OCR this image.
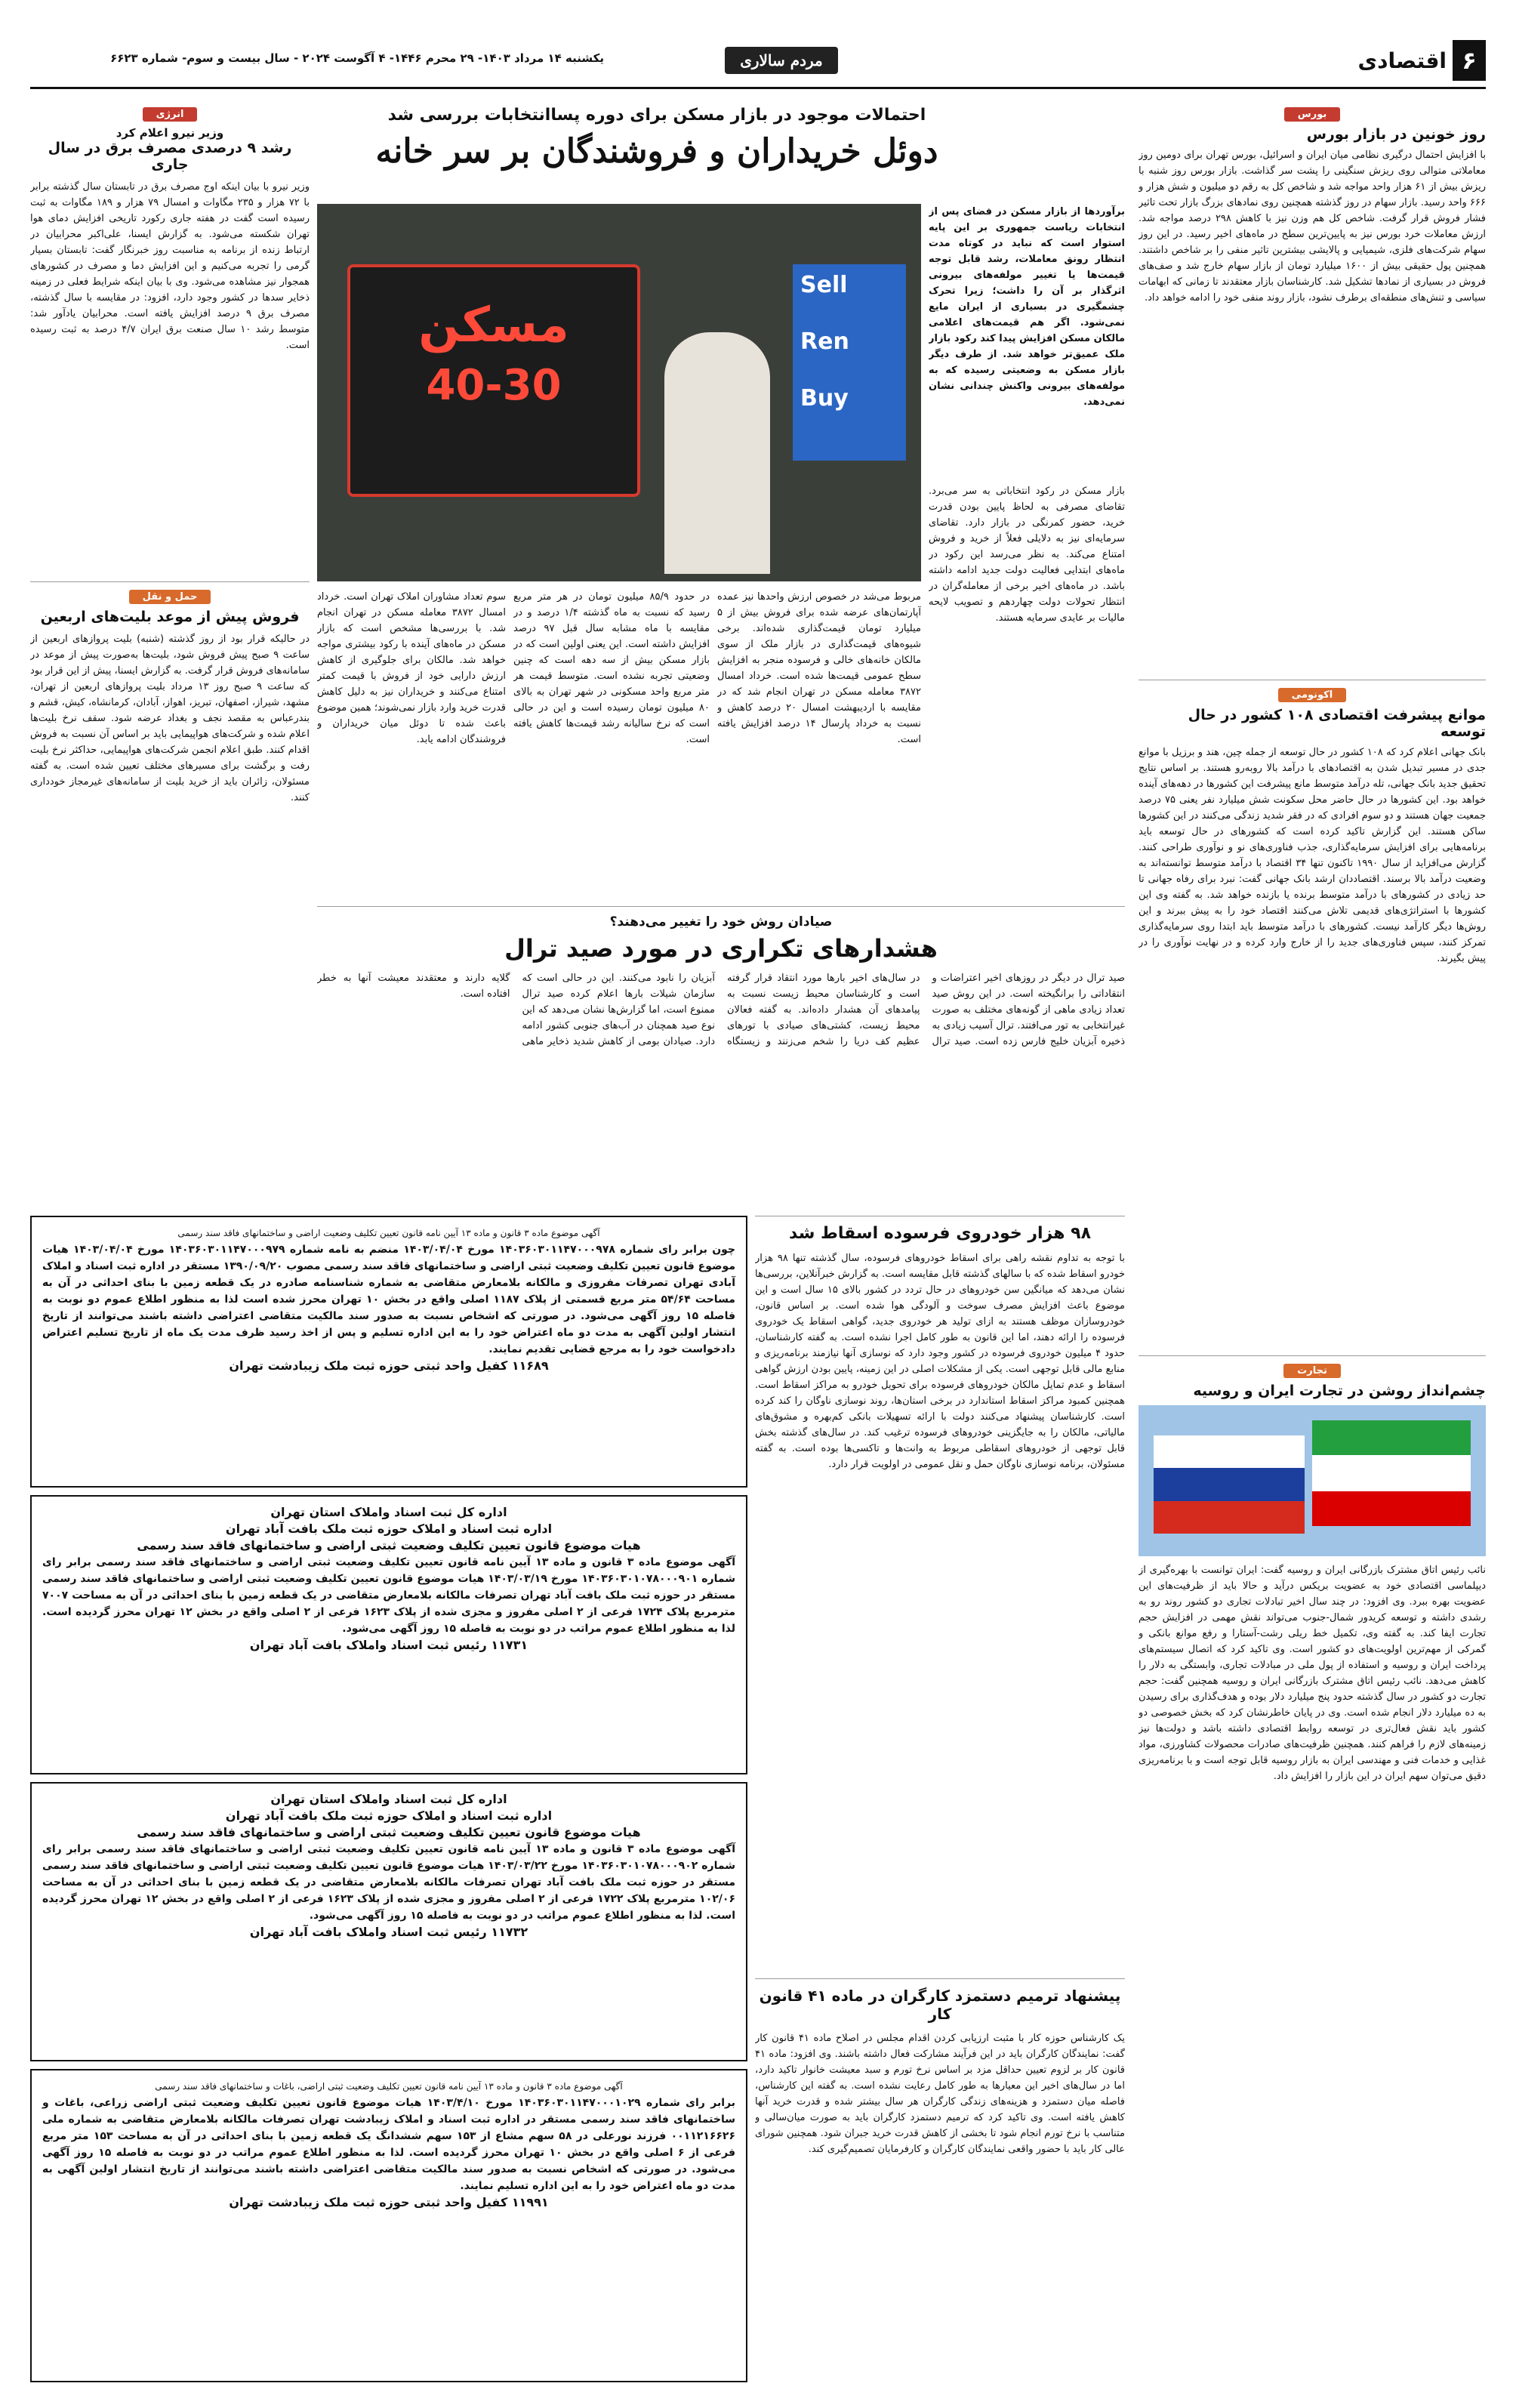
یکشنبه ۱۴ مرداد ۱۴۰۳- ۲۹ محرم ۱۴۴۶- ۴ آگوست ۲۰۲۴ - سال بیست و سوم- شماره ۶۶۲۳	مردم سالاری	۶
اقتصادی
بورس
روز خونین در بازار بورس
با افزایش احتمال درگیری نظامی میان ایران و اسرائیل، بورس تهران برای دومین روز معاملاتی متوالی روی ریزش سنگینی را پشت سر گذاشت. بازار بورس روز شنبه با ریزش بیش از ۶۱ هزار واحد مواجه شد و شاخص کل به رقم دو میلیون و شش هزار و ۶۶۶ واحد رسید. بازار سهام در روز گذشته همچنین روی نمادهای بزرگ بازار تحت تاثیر فشار فروش قرار گرفت. شاخص کل هم وزن نیز با کاهش ۲۹۸ درصد مواجه شد. ارزش معاملات خرد بورس نیز به پایین‌ترین سطح در ماه‌های اخیر رسید. در این روز سهام شرکت‌های فلزی، شیمیایی و پالایشی بیشترین تاثیر منفی را بر شاخص داشتند. همچنین پول حقیقی بیش از ۱۶۰۰ میلیارد تومان از بازار سهام خارج شد و صف‌های فروش در بسیاری از نمادها تشکیل شد. کارشناسان بازار معتقدند تا زمانی که ابهامات سیاسی و تنش‌های منطقه‌ای برطرف نشود، بازار روند منفی خود را ادامه خواهد داد.
اکونومی
موانع پیشرفت اقتصادی ۱۰۸ کشور در حال توسعه
بانک جهانی اعلام کرد که ۱۰۸ کشور در حال توسعه از جمله چین، هند و برزیل با موانع جدی در مسیر تبدیل شدن به اقتصادهای با درآمد بالا روبه‌رو هستند. بر اساس نتایج تحقیق جدید بانک جهانی، تله درآمد متوسط مانع پیشرفت این کشورها در دهه‌های آینده خواهد بود. این کشورها در حال حاضر محل سکونت شش میلیارد نفر یعنی ۷۵ درصد جمعیت جهان هستند و دو سوم افرادی که در فقر شدید زندگی می‌کنند در این کشورها ساکن هستند. این گزارش تاکید کرده است که کشورهای در حال توسعه باید برنامه‌هایی برای افزایش سرمایه‌گذاری، جذب فناوری‌های نو و نوآوری طراحی کنند. گزارش می‌افزاید از سال ۱۹۹۰ تاکنون تنها ۳۴ اقتصاد با درآمد متوسط توانسته‌اند به وضعیت درآمد بالا برسند. اقتصاددان ارشد بانک جهانی گفت: نبرد برای رفاه جهانی تا حد زیادی در کشورهای با درآمد متوسط برنده یا بازنده خواهد شد. به گفته وی این کشورها با استراتژی‌های قدیمی تلاش می‌کنند اقتصاد خود را به پیش ببرند و این روش‌ها دیگر کارآمد نیست. کشورهای با درآمد متوسط باید ابتدا روی سرمایه‌گذاری تمرکز کنند، سپس فناوری‌های جدید را از خارج وارد کرده و در نهایت نوآوری را در پیش بگیرند.
تجارت
چشم‌انداز روشن در تجارت ایران و روسیه
نائب رئیس اتاق مشترک بازرگانی ایران و روسیه گفت: ایران توانست با بهره‌گیری از دیپلماسی اقتصادی خود به عضویت بریکس درآید و حالا باید از ظرفیت‌های این عضویت بهره ببرد. وی افزود: در چند سال اخیر تبادلات تجاری دو کشور روند رو به رشدی داشته و توسعه کریدور شمال-جنوب می‌تواند نقش مهمی در افزایش حجم تجارت ایفا کند. به گفته وی، تکمیل خط ریلی رشت-آستارا و رفع موانع بانکی و گمرکی از مهم‌ترین اولویت‌های دو کشور است. وی تاکید کرد که اتصال سیستم‌های پرداخت ایران و روسیه و استفاده از پول ملی در مبادلات تجاری، وابستگی به دلار را کاهش می‌دهد. نائب رئیس اتاق مشترک بازرگانی ایران و روسیه همچنین گفت: حجم تجارت دو کشور در سال گذشته حدود پنج میلیارد دلار بوده و هدف‌گذاری برای رسیدن به ده میلیارد دلار انجام شده است. وی در پایان خاطرنشان کرد که بخش خصوصی دو کشور باید نقش فعال‌تری در توسعه روابط اقتصادی داشته باشد و دولت‌ها نیز زمینه‌های لازم را فراهم کنند. همچنین ظرفیت‌های صادرات محصولات کشاورزی، مواد غذایی و خدمات فنی و مهندسی ایران به بازار روسیه قابل توجه است و با برنامه‌ریزی دقیق می‌توان سهم ایران در این بازار را افزایش داد.
احتمالات موجود در بازار مسکن برای دوره پساانتخابات بررسی شد
دوئل خریداران و فروشندگان بر سر خانه
مسکن
40-30
Sell
Ren
Buy
برآوردها از بازار مسکن در فضای پس از انتخابات ریاست جمهوری بر این پایه استوار است که نباید در کوتاه مدت انتظار رونق معاملات، رشد قابل توجه قیمت‌ها یا تغییر مولفه‌های بیرونی اثرگذار بر آن را داشت؛ زیرا تحرک چشمگیری در بسیاری از ایران مایع نمی‌شود. اگر هم قیمت‌های اعلامی مالکان مسکن افزایش پیدا کند رکود بازار ملک عمیق‌تر خواهد شد. از طرف دیگر بازار مسکن به وضعیتی رسیده که به مولفه‌های بیرونی واکنش چندانی نشان نمی‌دهد.
بازار مسکن در رکود انتخاباتی به سر می‌برد. تقاضای مصرفی به لحاظ پایین بودن قدرت خرید، حضور کمرنگی در بازار دارد. تقاضای سرمایه‌ای نیز به دلایلی فعلاً از خرید و فروش امتناع می‌کند. به نظر می‌رسد این رکود در ماه‌های ابتدایی فعالیت دولت جدید ادامه داشته باشد. در ماه‌های اخیر برخی از معامله‌گران در انتظار تحولات دولت چهاردهم و تصویب لایحه مالیات بر عایدی سرمایه هستند.
مربوط می‌شد در خصوص ارزش واحدها نیز عمده آپارتمان‌های عرضه شده برای فروش بیش از ۵ میلیارد تومان قیمت‌گذاری شده‌اند. برخی شیوه‌های قیمت‌گذاری در بازار ملک از سوی مالکان خانه‌های خالی و فرسوده منجر به افزایش سطح عمومی قیمت‌ها شده است. خرداد امسال ۳۸۷۲ معامله مسکن در تهران انجام شد که در مقایسه با اردیبهشت امسال ۲۰ درصد کاهش و نسبت به خرداد پارسال ۱۴ درصد افزایش یافته است.
در حدود ۸۵/۹ میلیون تومان در هر متر مربع رسید که نسبت به ماه گذشته ۱/۴ درصد و در مقایسه با ماه مشابه سال قبل ۹۷ درصد افزایش داشته است. این یعنی اولین است که در بازار مسکن بیش از سه دهه است که چنین وضعیتی تجربه نشده است. متوسط قیمت هر متر مربع واحد مسکونی در شهر تهران به بالای ۸۰ میلیون تومان رسیده است و این در حالی است که نرخ سالیانه رشد قیمت‌ها کاهش یافته است.
سوم تعداد مشاوران املاک تهران است. خرداد امسال ۳۸۷۲ معامله مسکن در تهران انجام شد. با بررسی‌ها مشخص است که بازار مسکن در ماه‌های آینده با رکود بیشتری مواجه خواهد شد. مالکان برای جلوگیری از کاهش ارزش دارایی خود از فروش با قیمت کمتر امتناع می‌کنند و خریداران نیز به دلیل کاهش قدرت خرید وارد بازار نمی‌شوند؛ همین موضوع باعث شده تا دوئل میان خریداران و فروشندگان ادامه یابد.
انرژی
وزیر نیرو اعلام کرد
رشد ۹ درصدی مصرف برق در سال جاری
وزیر نیرو با بیان اینکه اوج مصرف برق در تابستان سال گذشته برابر با ۷۲ هزار و ۲۳۵ مگاوات و امسال ۷۹ هزار و ۱۸۹ مگاوات به ثبت رسیده است گفت در هفته جاری رکورد تاریخی افزایش دمای هوا تهران شکسته می‌شود. به گزارش ایسنا، علی‌اکبر محرابیان در ارتباط زنده از برنامه به مناسبت روز خبرنگار گفت: تابستان بسیار گرمی را تجربه می‌کنیم و این افزایش دما و مصرف در کشورهای همجوار نیز مشاهده می‌شود. وی با بیان اینکه شرایط فعلی در زمینه ذخایر سدها در کشور وجود دارد، افزود: در مقایسه با سال گذشته، مصرف برق ۹ درصد افزایش یافته است. محرابیان یادآور شد: متوسط رشد ۱۰ سال صنعت برق ایران ۴/۷ درصد به ثبت رسیده است.
حمل و نقل
فروش پیش از موعد بلیت‌های اربعین
در حالیکه قرار بود از روز گذشته (شنبه) بلیت پروازهای اربعین از ساعت ۹ صبح پیش فروش شود، بلیت‌ها به‌صورت پیش از موعد در سامانه‌های فروش قرار گرفت. به گزارش ایسنا، پیش از این قرار بود که ساعت ۹ صبح روز ۱۳ مرداد بلیت پروازهای اربعین از تهران، مشهد، شیراز، اصفهان، تبریز، اهواز، آبادان، کرمانشاه، کیش، قشم و بندرعباس به مقصد نجف و بغداد عرضه شود. سقف نرخ بلیت‌ها اعلام شده و شرکت‌های هواپیمایی باید بر اساس آن نسبت به فروش اقدام کنند. طبق اعلام انجمن شرکت‌های هواپیمایی، حداکثر نرخ بلیت رفت و برگشت برای مسیرهای مختلف تعیین شده است. به گفته مسئولان، زائران باید از خرید بلیت از سامانه‌های غیرمجاز خودداری کنند.
صیادان روش خود را تغییر می‌دهند؟
هشدارهای تکراری در مورد صید ترال
صید ترال در دیگر در روزهای اخیر اعتراضات و انتقاداتی را برانگیخته است. در این روش صید تعداد زیادی ماهی از گونه‌های مختلف به صورت غیرانتخابی به تور می‌افتند. ترال آسیب زیادی به ذخیره آبزیان خلیج فارس زده است. صید ترال در سال‌های اخیر بارها مورد انتقاد قرار گرفته است و کارشناسان محیط زیست نسبت به پیامدهای آن هشدار داده‌اند. به گفته فعالان محیط زیست، کشتی‌های صیادی با تورهای عظیم کف دریا را شخم می‌زنند و زیستگاه آبزیان را نابود می‌کنند. این در حالی است که سازمان شیلات بارها اعلام کرده صید ترال ممنوع است، اما گزارش‌ها نشان می‌دهد که این نوع صید همچنان در آب‌های جنوبی کشور ادامه دارد. صیادان بومی از کاهش شدید ذخایر ماهی گلایه دارند و معتقدند معیشت آنها به خطر افتاده است.
۹۸ هزار خودروی فرسوده اسقاط شد
با توجه به تداوم نقشه راهی برای اسقاط خودروهای فرسوده، سال گذشته تنها ۹۸ هزار خودرو اسقاط شده که با سالهای گذشته قابل مقایسه است. به گزارش خبرآنلاین، بررسی‌ها نشان می‌دهد که میانگین سن خودروهای در حال تردد در کشور بالای ۱۵ سال است و این موضوع باعث افزایش مصرف سوخت و آلودگی هوا شده است. بر اساس قانون، خودروسازان موظف هستند به ازای تولید هر خودروی جدید، گواهی اسقاط یک خودروی فرسوده را ارائه دهند، اما این قانون به طور کامل اجرا نشده است. به گفته کارشناسان، حدود ۴ میلیون خودروی فرسوده در کشور وجود دارد که نوسازی آنها نیازمند برنامه‌ریزی و منابع مالی قابل توجهی است. یکی از مشکلات اصلی در این زمینه، پایین بودن ارزش گواهی اسقاط و عدم تمایل مالکان خودروهای فرسوده برای تحویل خودرو به مراکز اسقاط است. همچنین کمبود مراکز اسقاط استاندارد در برخی استان‌ها، روند نوسازی ناوگان را کند کرده است. کارشناسان پیشنهاد می‌کنند دولت با ارائه تسهیلات بانکی کم‌بهره و مشوق‌های مالیاتی، مالکان را به جایگزینی خودروهای فرسوده ترغیب کند. در سال‌های گذشته بخش قابل توجهی از خودروهای اسقاطی مربوط به وانت‌ها و تاکسی‌ها بوده است. به گفته مسئولان، برنامه نوسازی ناوگان حمل و نقل عمومی در اولویت قرار دارد.
پیشنهاد ترمیم دستمزد کارگران در ماده ۴۱ قانون کار
یک کارشناس حوزه کار با مثبت ارزیابی کردن اقدام مجلس در اصلاح ماده ۴۱ قانون کار گفت: نمایندگان کارگران باید در این فرآیند مشارکت فعال داشته باشند. وی افزود: ماده ۴۱ قانون کار بر لزوم تعیین حداقل مزد بر اساس نرخ تورم و سبد معیشت خانوار تاکید دارد، اما در سال‌های اخیر این معیارها به طور کامل رعایت نشده است. به گفته این کارشناس، فاصله میان دستمزد و هزینه‌های زندگی کارگران هر سال بیشتر شده و قدرت خرید آنها کاهش یافته است. وی تاکید کرد که ترمیم دستمزد کارگران باید به صورت میان‌سالی و متناسب با نرخ تورم انجام شود تا بخشی از کاهش قدرت خرید جبران شود. همچنین شورای عالی کار باید با حضور واقعی نمایندگان کارگران و کارفرمایان تصمیم‌گیری کند.
آگهی موضوع ماده ۳ قانون و ماده ۱۳ آیین نامه قانون تعیین تکلیف وضعیت اراضی و ساختمانهای فاقد سند رسمی
چون برابر رای شماره ۱۴۰۳۶۰۳۰۱۱۴۷۰۰۰۹۷۸ مورخ ۱۴۰۳/۰۴/۰۴ منضم به نامه شماره ۱۴۰۳۶۰۳۰۱۱۴۷۰۰۰۹۷۹ مورخ ۱۴۰۳/۰۴/۰۴ هیات موضوع قانون تعیین تکلیف وضعیت ثبتی اراضی و ساختمانهای فاقد سند رسمی مصوب ۱۳۹۰/۰۹/۲۰ مستقر در اداره ثبت اسناد و املاک آبادی تهران تصرفات مفروزی و مالکانه بلامعارض متقاضی به شماره شناسنامه صادره در یک قطعه زمین با بنای احداثی در آن به مساحت ۵۴/۶۴ متر مربع قسمتی از پلاک ۱۱۸۷ اصلی واقع در بخش ۱۰ تهران محرز شده است لذا به منظور اطلاع عموم دو نوبت به فاصله ۱۵ روز آگهی می‌شود. در صورتی که اشخاص نسبت به صدور سند مالکیت متقاضی اعتراضی داشته باشند می‌توانند از تاریخ انتشار اولین آگهی به مدت دو ماه اعتراض خود را به این اداره تسلیم و پس از اخذ رسید ظرف مدت یک ماه از تاریخ تسلیم اعتراض دادخواست خود را به مرجع قضایی تقدیم نمایند.
۱۱۶۸۹ کفیل واحد ثبتی حوزه ثبت ملک زیبادشت تهران
اداره کل ثبت اسناد واملاک استان تهران
اداره ثبت اسناد و املاک حوزه ثبت ملک بافت آباد تهران
هیات موضوع قانون تعیین تکلیف وضعیت ثبتی اراضی و ساختمانهای فاقد سند رسمی
آگهی موضوع ماده ۳ قانون و ماده ۱۳ آیین نامه قانون تعیین تکلیف وضعیت ثبتی اراضی و ساختمانهای فاقد سند رسمی برابر رای شماره ۱۴۰۳۶۰۳۰۱۰۷۸۰۰۰۹۰۱ مورخ ۱۴۰۳/۰۳/۱۹ هیات موضوع قانون تعیین تکلیف وضعیت ثبتی اراضی و ساختمانهای فاقد سند رسمی مستقر در حوزه ثبت ملک بافت آباد تهران تصرفات مالکانه بلامعارض متقاضی در یک قطعه زمین با بنای احداثی در آن به مساحت ۷۰۰۷ مترمربع پلاک ۱۷۲۴ فرعی از ۲ اصلی مفروز و مجزی شده از پلاک ۱۶۲۳ فرعی از ۲ اصلی واقع در بخش ۱۲ تهران محرز گردیده است. لذا به منظور اطلاع عموم مراتب در دو نوبت به فاصله ۱۵ روز آگهی می‌شود.
۱۱۷۳۱ رئیس ثبت اسناد واملاک بافت آباد تهران
اداره کل ثبت اسناد واملاک استان تهران
اداره ثبت اسناد و املاک حوزه ثبت ملک بافت آباد تهران
هیات موضوع قانون تعیین تکلیف وضعیت ثبتی اراضی و ساختمانهای فاقد سند رسمی
آگهی موضوع ماده ۳ قانون و ماده ۱۳ آیین نامه قانون تعیین تکلیف وضعیت ثبتی اراضی و ساختمانهای فاقد سند رسمی برابر رای شماره ۱۴۰۳۶۰۳۰۱۰۷۸۰۰۰۹۰۲ مورخ ۱۴۰۳/۰۳/۲۲ هیات موضوع قانون تعیین تکلیف وضعیت ثبتی اراضی و ساختمانهای فاقد سند رسمی مستقر در حوزه ثبت ملک بافت آباد تهران تصرفات مالکانه بلامعارض متقاضی در یک قطعه زمین با بنای احداثی در آن به مساحت ۱۰۲/۰۶ مترمربع پلاک ۱۷۲۲ فرعی از ۲ اصلی مفروز و مجزی شده از پلاک ۱۶۲۳ فرعی از ۲ اصلی واقع در بخش ۱۲ تهران محرز گردیده است. لذا به منظور اطلاع عموم مراتب در دو نوبت به فاصله ۱۵ روز آگهی می‌شود.
۱۱۷۳۲ رئیس ثبت اسناد واملاک بافت آباد تهران
آگهی موضوع ماده ۳ قانون و ماده ۱۳ آیین نامه قانون تعیین تکلیف وضعیت ثبتی اراضی، باغات و ساختمانهای فاقد سند رسمی
برابر رای شماره ۱۴۰۳۶۰۳۰۱۱۴۷۰۰۰۱۰۲۹ مورخ ۱۴۰۳/۴/۱۰ هیات موضوع قانون تعیین تکلیف وضعیت ثبتی اراضی زراعی، باغات و ساختمانهای فاقد سند رسمی مستقر در اداره ثبت اسناد و املاک زیبادشت تهران تصرفات مالکانه بلامعارض متقاضی به شماره ملی ۰۰۱۱۲۱۶۶۲۶ فرزند نورعلی در ۵۸ سهم مشاع از ۱۵۳ سهم ششدانگ یک قطعه زمین با بنای احداثی در آن به مساحت ۱۵۳ متر مربع فرعی از ۶ اصلی واقع در بخش ۱۰ تهران محرز گردیده است. لذا به منظور اطلاع عموم مراتب در دو نوبت به فاصله ۱۵ روز آگهی می‌شود. در صورتی که اشخاص نسبت به صدور سند مالکیت متقاضی اعتراضی داشته باشند می‌توانند از تاریخ انتشار اولین آگهی به مدت دو ماه اعتراض خود را به این اداره تسلیم نمایند.
۱۱۹۹۱ کفیل واحد ثبتی حوزه ثبت ملک زیبادشت تهران
